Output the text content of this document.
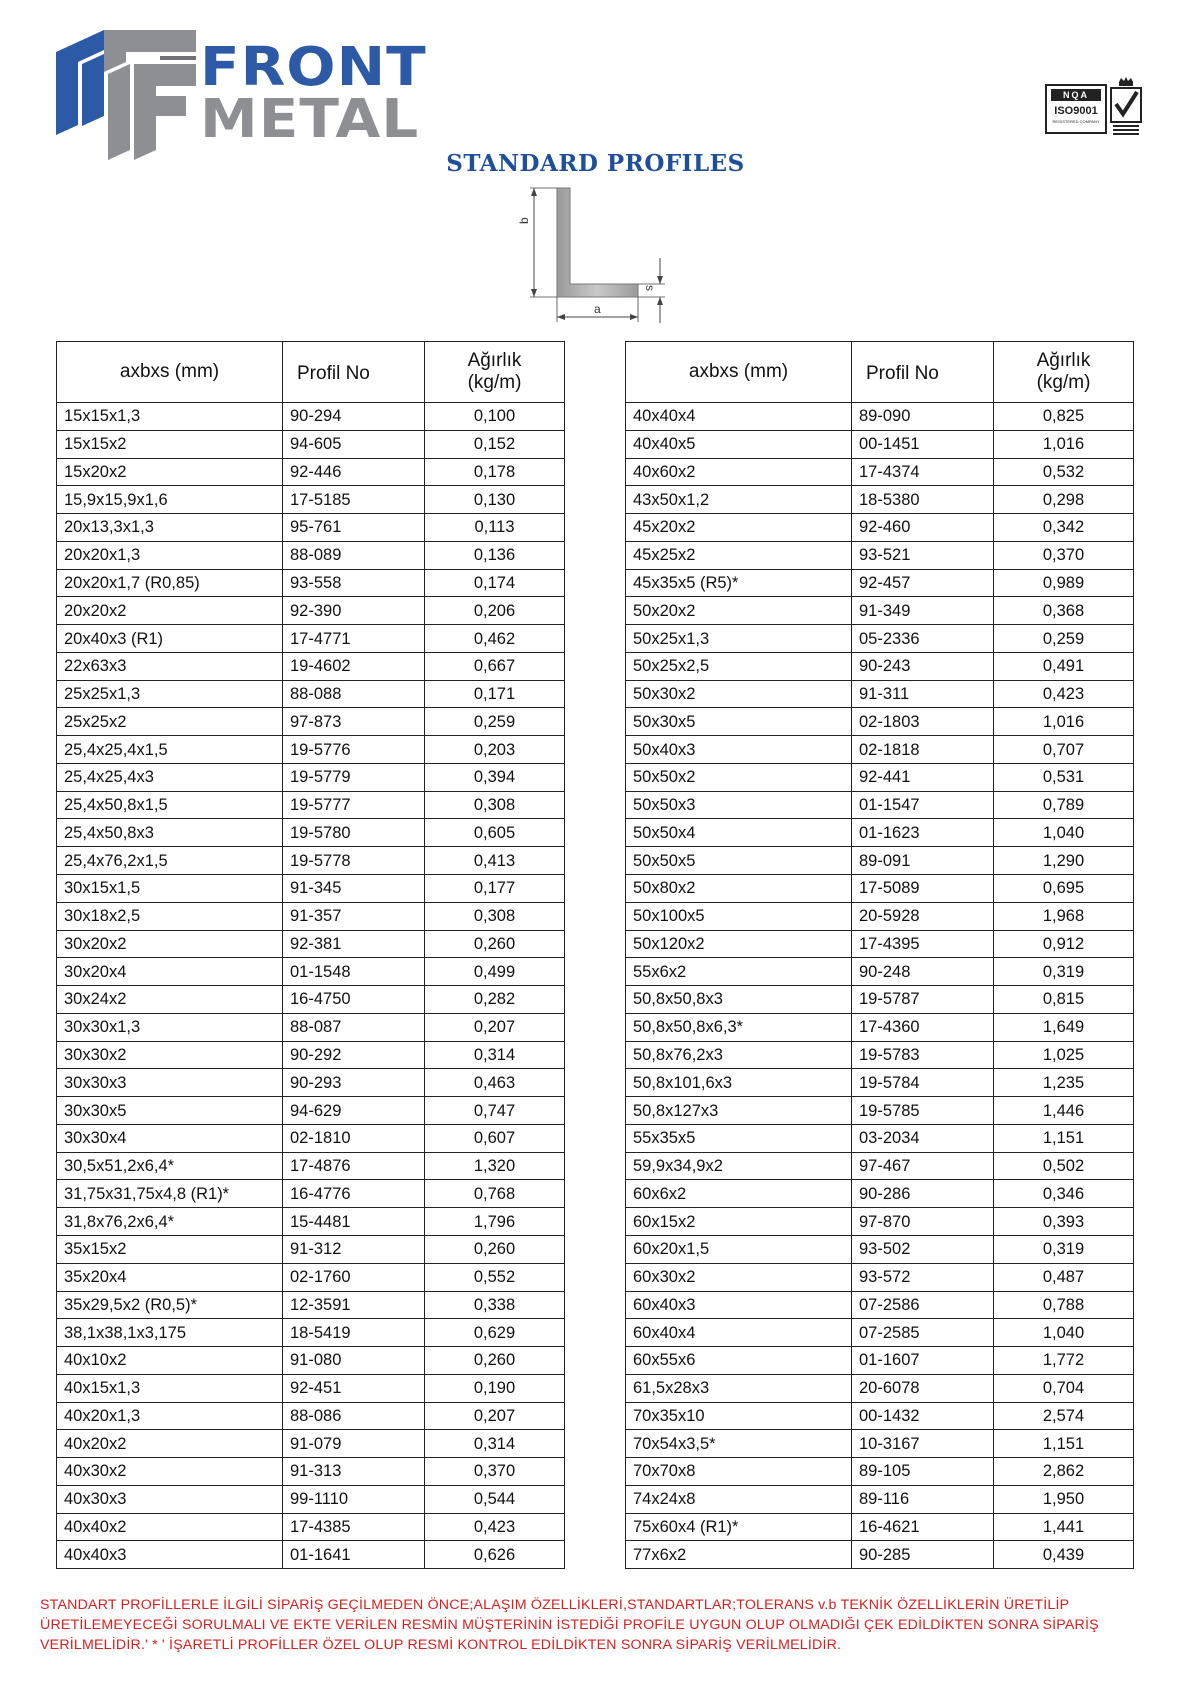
FRONT
METAL	NQA
ISO9001
REGISTERED COMPANY
STANDARD PROFILES
b
a
s
axbxs (mm)	Profil No	Ağırlık
(kg/m)

15x15x1,3	90-294	0,100
15x15x2	94-605	0,152
15x20x2	92-446	0,178
15,9x15,9x1,6	17-5185	0,130
20x13,3x1,3	95-761	0,113
20x20x1,3	88-089	0,136
20x20x1,7 (R0,85)	93-558	0,174
20x20x2	92-390	0,206
20x40x3 (R1)	17-4771	0,462
22x63x3	19-4602	0,667
25x25x1,3	88-088	0,171
25x25x2	97-873	0,259
25,4x25,4x1,5	19-5776	0,203
25,4x25,4x3	19-5779	0,394
25,4x50,8x1,5	19-5777	0,308
25,4x50,8x3	19-5780	0,605
25,4x76,2x1,5	19-5778	0,413
30x15x1,5	91-345	0,177
30x18x2,5	91-357	0,308
30x20x2	92-381	0,260
30x20x4	01-1548	0,499
30x24x2	16-4750	0,282
30x30x1,3	88-087	0,207
30x30x2	90-292	0,314
30x30x3	90-293	0,463
30x30x5	94-629	0,747
30x30x4	02-1810	0,607
30,5x51,2x6,4*	17-4876	1,320
31,75x31,75x4,8 (R1)*	16-4776	0,768
31,8x76,2x6,4*	15-4481	1,796
35x15x2	91-312	0,260
35x20x4	02-1760	0,552
35x29,5x2 (R0,5)*	12-3591	0,338
38,1x38,1x3,175	18-5419	0,629
40x10x2	91-080	0,260
40x15x1,3	92-451	0,190
40x20x1,3	88-086	0,207
40x20x2	91-079	0,314
40x30x2	91-313	0,370
40x30x3	99-1110	0,544
40x40x2	17-4385	0,423
40x40x3	01-1641	0,626
axbxs (mm)	Profil No	Ağırlık
(kg/m)

40x40x4	89-090	0,825
40x40x5	00-1451	1,016
40x60x2	17-4374	0,532
43x50x1,2	18-5380	0,298
45x20x2	92-460	0,342
45x25x2	93-521	0,370
45x35x5 (R5)*	92-457	0,989
50x20x2	91-349	0,368
50x25x1,3	05-2336	0,259
50x25x2,5	90-243	0,491
50x30x2	91-311	0,423
50x30x5	02-1803	1,016
50x40x3	02-1818	0,707
50x50x2	92-441	0,531
50x50x3	01-1547	0,789
50x50x4	01-1623	1,040
50x50x5	89-091	1,290
50x80x2	17-5089	0,695
50x100x5	20-5928	1,968
50x120x2	17-4395	0,912
55x6x2	90-248	0,319
50,8x50,8x3	19-5787	0,815
50,8x50,8x6,3*	17-4360	1,649
50,8x76,2x3	19-5783	1,025
50,8x101,6x3	19-5784	1,235
50,8x127x3	19-5785	1,446
55x35x5	03-2034	1,151
59,9x34,9x2	97-467	0,502
60x6x2	90-286	0,346
60x15x2	97-870	0,393
60x20x1,5	93-502	0,319
60x30x2	93-572	0,487
60x40x3	07-2586	0,788
60x40x4	07-2585	1,040
60x55x6	01-1607	1,772
61,5x28x3	20-6078	0,704
70x35x10	00-1432	2,574
70x54x3,5*	10-3167	1,151
70x70x8	89-105	2,862
74x24x8	89-116	1,950
75x60x4 (R1)*	16-4621	1,441
77x6x2	90-285	0,439
STANDART PROFİLLERLE İLGİLİ SİPARİŞ GEÇİLMEDEN ÖNCE;ALAŞIM ÖZELLİKLERİ,STANDARTLAR;TOLERANS v.b TEKNİK ÖZELLİKLERİN ÜRETİLİP ÜRETİLEMEYECEĞİ SORULMALI VE EKTE VERİLEN RESMİN MÜŞTERİNİN İSTEDİĞİ PROFİLE UYGUN OLUP OLMADIĞI ÇEK EDİLDİKTEN SONRA SİPARİŞ VERİLMELİDİR.' * ' İŞARETLİ PROFİLLER ÖZEL OLUP RESMİ KONTROL EDİLDİKTEN SONRA SİPARİŞ VERİLMELİDİR.
